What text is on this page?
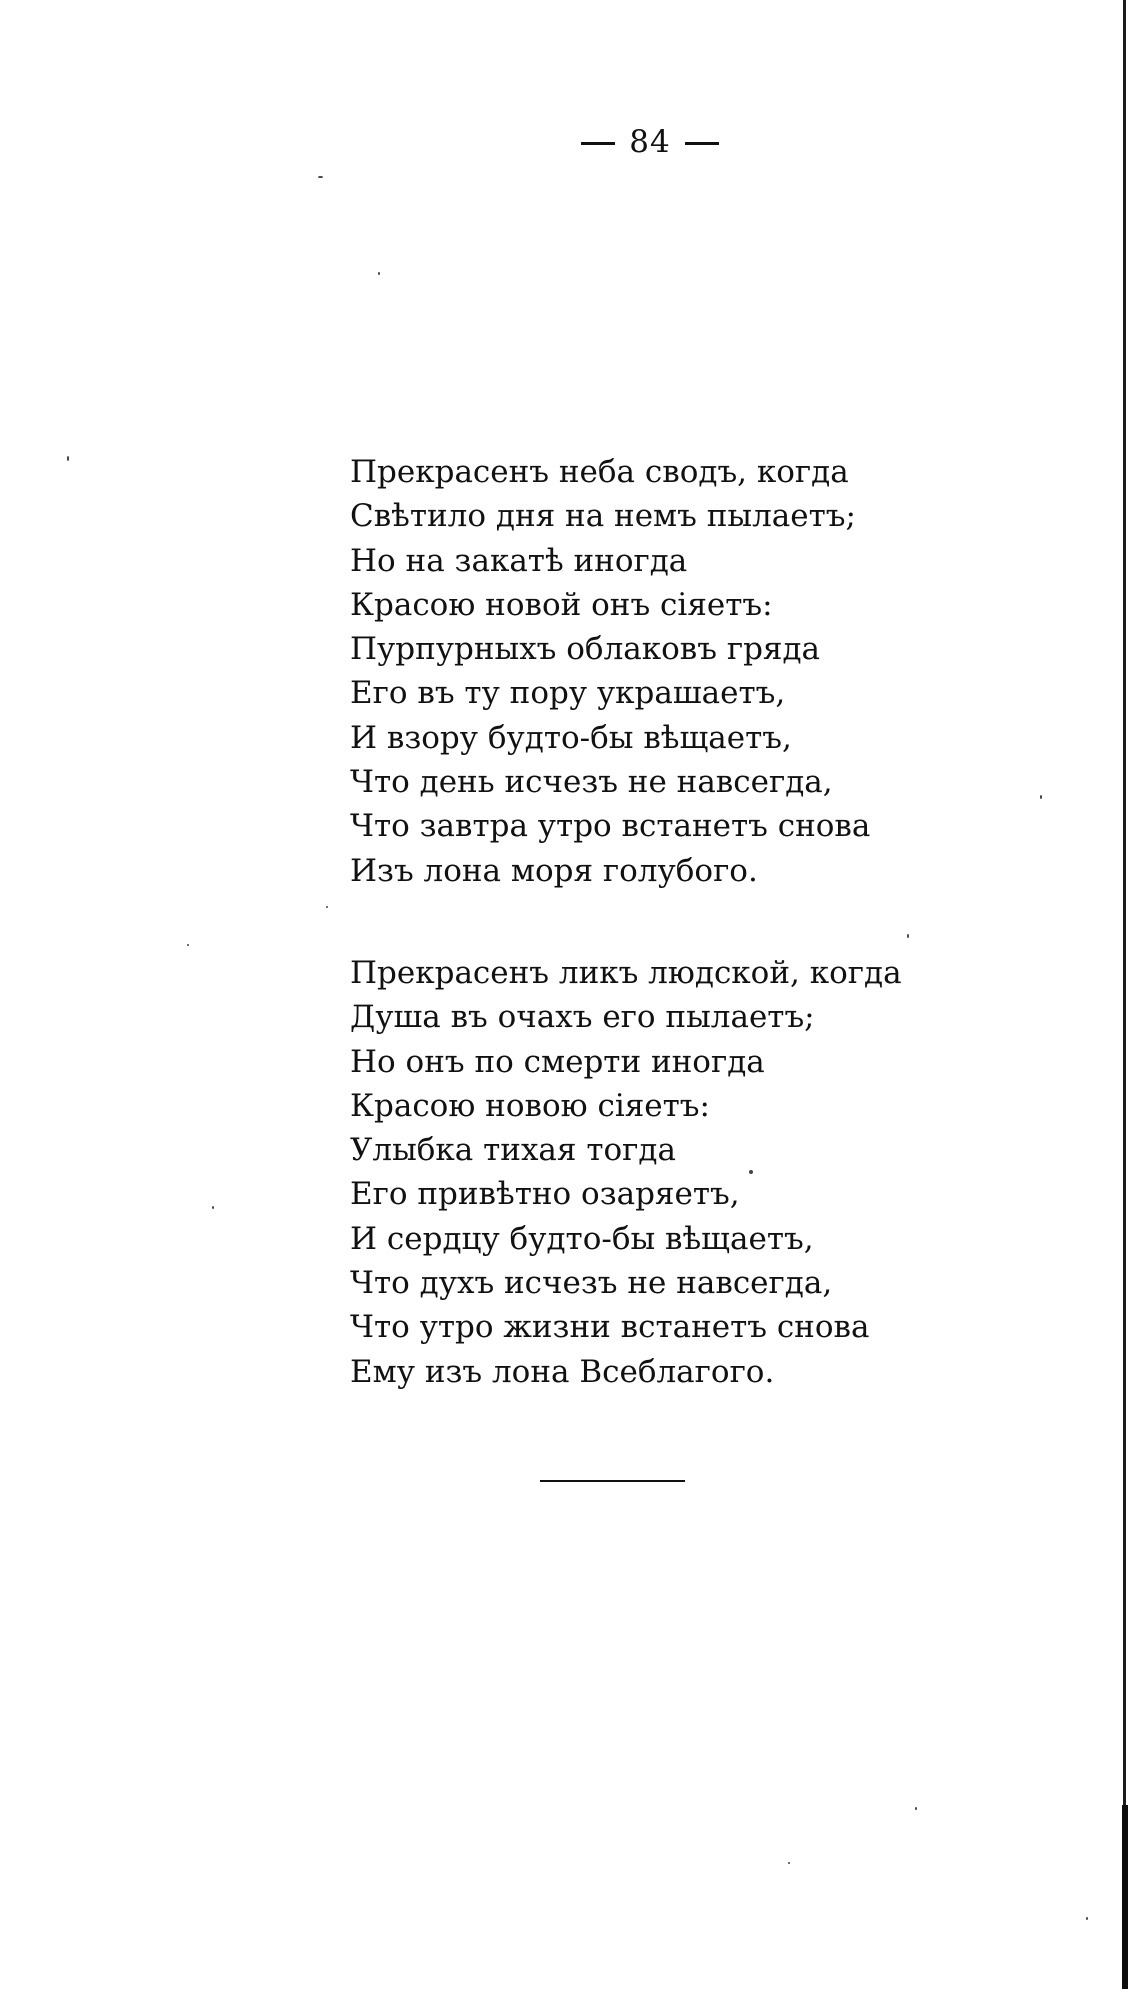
84
Прекрасенъ неба сводъ, когда
Свѣтило дня на немъ пылаетъ;
Но на закатѣ иногда
Красою новой онъ сіяетъ:
Пурпурныхъ облаковъ гряда
Его въ ту пору украшаетъ,
И взору будто-бы вѣщаетъ,
Что день исчезъ не навсегда,
Что завтра утро встанетъ снова
Изъ лона моря голубого.
Прекрасенъ ликъ людской, когда
Душа въ очахъ его пылаетъ;
Но онъ по смерти иногда
Красою новою сіяетъ:
Улыбка тихая тогда
Его привѣтно озаряетъ,
И сердцу будто-бы вѣщаетъ,
Что духъ исчезъ не навсегда,
Что утро жизни встанетъ снова
Ему изъ лона Всеблагого.
